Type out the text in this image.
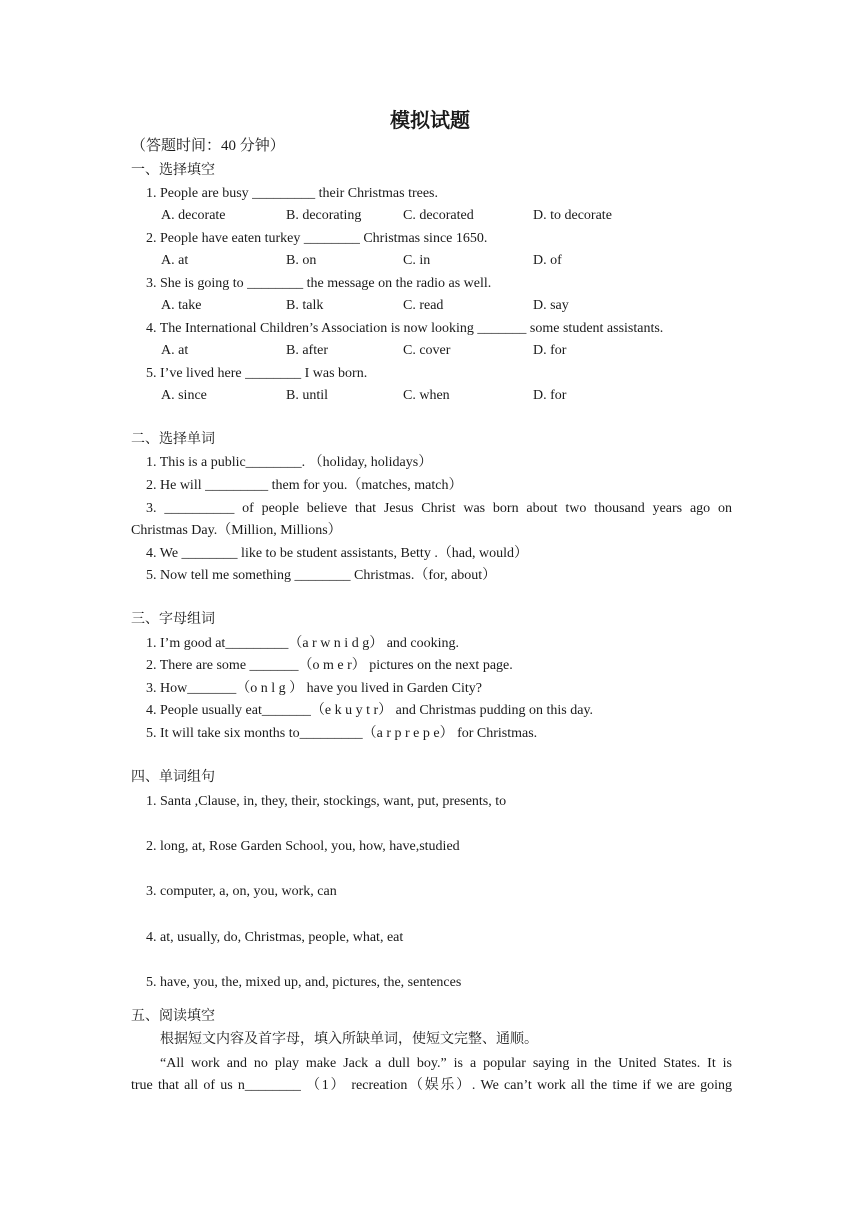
模拟试题
（答题时间：40 分钟）
一、选择填空
1. People are busy _________ their Christmas trees.
A. decorate	B. decorating	C. decorated	D. to decorate
2. People have eaten turkey ________ Christmas since 1650.
A. at	B. on	C. in	D. of
3. She is going to ________ the message on the radio as well.
A. take	B. talk	C. read	D. say
4. The International Children’s Association is now looking _______ some student assistants.
A. at	B. after	C. cover	D. for
5. I’ve lived here ________ I was born.
A. since	B. until	C. when	D. for
二、选择单词
1. This is a public________. （holiday, holidays）
2. He will _________ them for you.（matches, match）
3. __________ of people believe that Jesus Christ was born about two thousand years ago on
Christmas Day.（Million, Millions）
4. We ________ like to be student assistants, Betty .（had, would）
5. Now tell me something ________ Christmas.（for, about）
三、字母组词
1. I’m good at_________（a r w n i d g） and cooking.
2. There are some _______（o m e r） pictures on the next page.
3. How_______（o n l g ） have you lived in Garden City?
4. People usually eat_______（e k u y t r） and Christmas pudding on this day.
5. It will take six months to_________（a r p r e p e） for Christmas.
四、单词组句
1. Santa ,Clause, in, they, their, stockings, want, put, presents, to
2. long, at, Rose Garden School, you, how, have,studied
3. computer, a, on, you, work, can
4. at, usually, do, Christmas, people, what, eat
5. have, you, the, mixed up, and, pictures, the, sentences
五、阅读填空
根据短文内容及首字母，填入所缺单词，使短文完整、通顺。
“All work and no play make Jack a dull boy.” is a popular saying in the United States. It is
true that all of us n________ （1） recreation（娱乐）. We can’t work all the time if we are going
